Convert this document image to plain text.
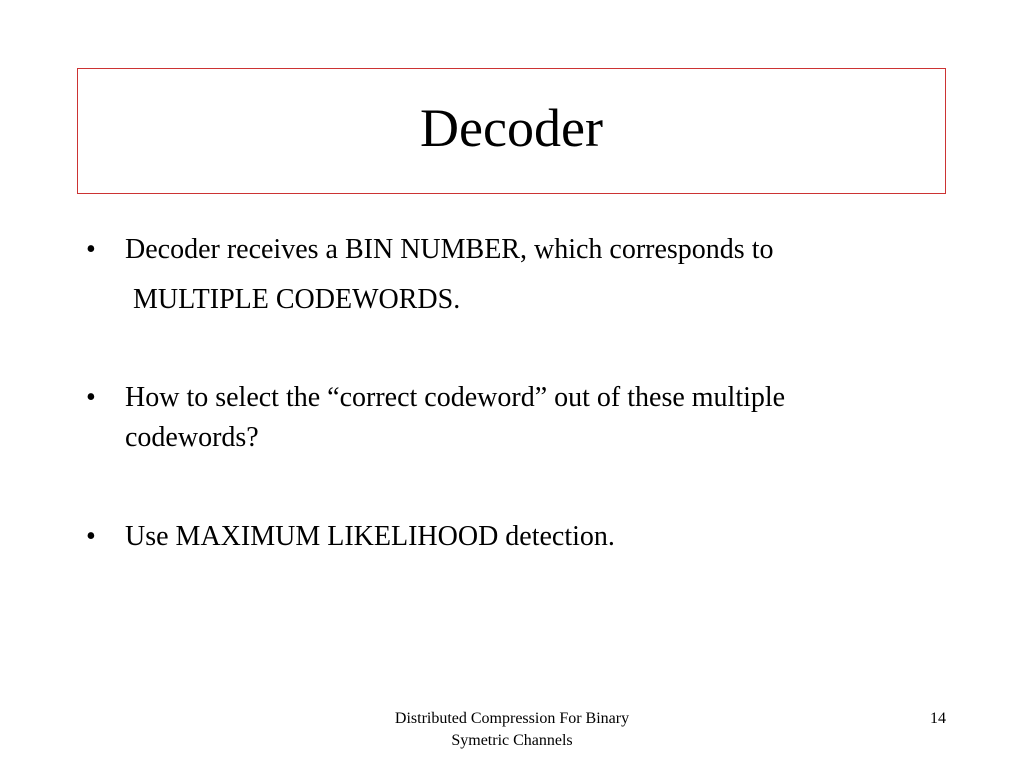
Decoder
• Decoder receives a BIN NUMBER, which corresponds to
MULTIPLE CODEWORDS.
• How to select the “correct codeword” out of these multiple
codewords?
• Use MAXIMUM LIKELIHOOD detection.
Distributed Compression For Binary
Symetric Channels
14
